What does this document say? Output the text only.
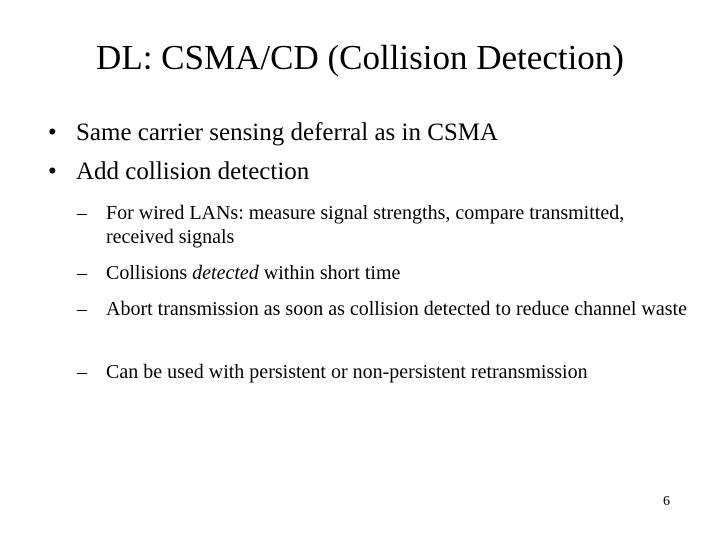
DL: CSMA/CD (Collision Detection)
• Same carrier sensing deferral as in CSMA
• Add collision detection
– For wired LANs: measure signal strengths, compare transmitted, received signals
– Collisions detected within short time
– Abort transmission as soon as collision detected to reduce channel waste
– Can be used with persistent or non-persistent retransmission
6
